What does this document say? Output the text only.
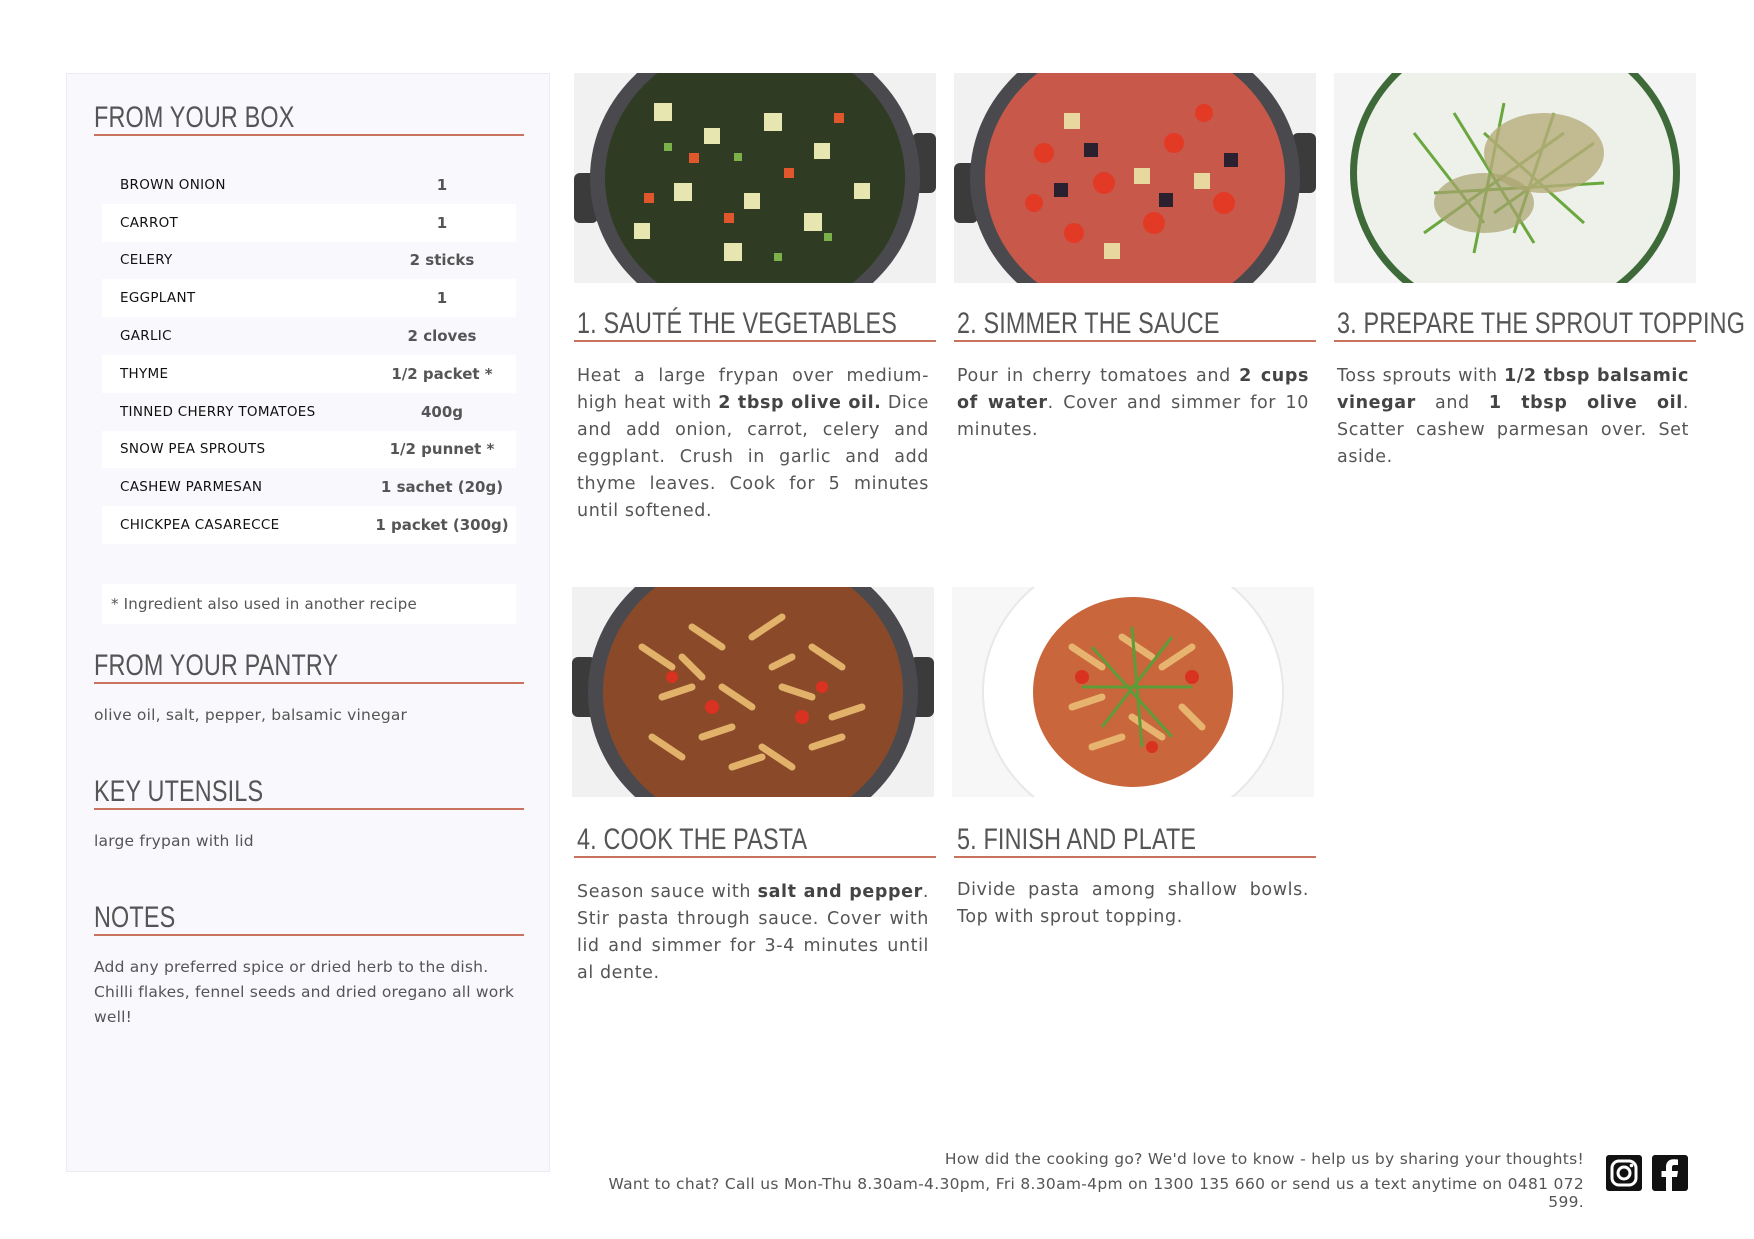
FROM YOUR BOX
BROWN ONION	1
CARROT	1
CELERY	2 sticks
EGGPLANT	1
GARLIC	2 cloves
THYME	1/2 packet *
TINNED CHERRY TOMATOES	400g
SNOW PEA SPROUTS	1/2 punnet *
CASHEW PARMESAN	1 sachet (20g)
CHICKPEA CASARECCE	1 packet (300g)
* Ingredient also used in another recipe
FROM YOUR PANTRY
olive oil, salt, pepper, balsamic vinegar
KEY UTENSILS
large frypan with lid
NOTES
Add any preferred spice or dried herb to the dish. Chilli flakes, fennel seeds and dried oregano all work well!
1. SAUTÉ THE VEGETABLES
Heat a large frypan over medium-high heat with 2 tbsp olive oil. Dice and add onion, carrot, celery and eggplant. Crush in garlic and add thyme leaves. Cook for 5 minutes until softened.
2. SIMMER THE SAUCE
Pour in cherry tomatoes and 2 cups of water. Cover and simmer for 10 minutes.
3. PREPARE THE SPROUT TOPPING
Toss sprouts with 1/2 tbsp balsamic vinegar and 1 tbsp olive oil. Scatter cashew parmesan over. Set aside.
4. COOK THE PASTA
Season sauce with salt and pepper. Stir pasta through sauce. Cover with lid and simmer for 3-4 minutes until al dente.
5. FINISH AND PLATE
Divide pasta among shallow bowls. Top with sprout topping.
How did the cooking go? We'd love to know - help us by sharing your thoughts!
Want to chat? Call us Mon-Thu 8.30am-4.30pm, Fri 8.30am-4pm on 1300 135 660 or send us a text anytime on 0481 072 599.
